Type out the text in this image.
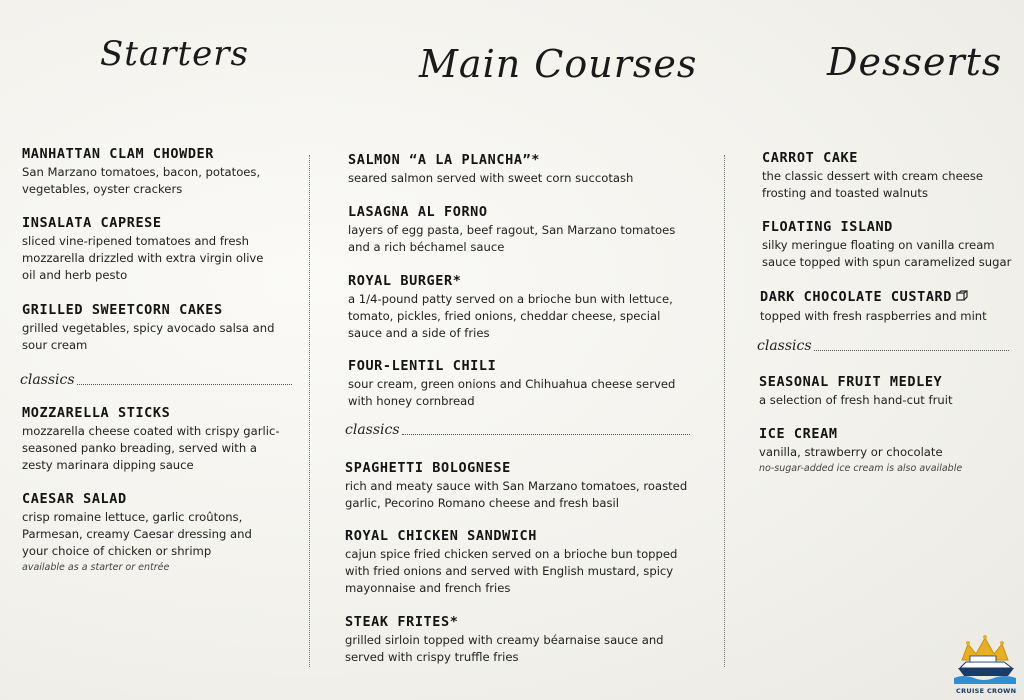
Starters
MANHATTAN CLAM CHOWDER
San Marzano tomatoes, bacon, potatoes, vegetables, oyster crackers
INSALATA CAPRESE
sliced vine-ripened tomatoes and fresh mozzarella drizzled with extra virgin olive oil and herb pesto
GRILLED SWEETCORN CAKES
grilled vegetables, spicy avocado salsa and sour cream
classics
MOZZARELLA STICKS
mozzarella cheese coated with crispy garlic-seasoned panko breading, served with a zesty marinara dipping sauce
CAESAR SALAD
crisp romaine lettuce, garlic croûtons, Parmesan, creamy Caesar dressing and your choice of chicken or shrimp
available as a starter or entrée
Main Courses
SALMON “A LA PLANCHA”*
seared salmon served with sweet corn succotash
LASAGNA AL FORNO
layers of egg pasta, beef ragout, San Marzano tomatoes and a rich béchamel sauce
ROYAL BURGER*
a 1/4-pound patty served on a brioche bun with lettuce, tomato, pickles, fried onions, cheddar cheese, special sauce and a side of fries
FOUR-LENTIL CHILI
sour cream, green onions and Chihuahua cheese served with honey cornbread
classics
SPAGHETTI BOLOGNESE
rich and meaty sauce with San Marzano tomatoes, roasted garlic, Pecorino Romano cheese and fresh basil
ROYAL CHICKEN SANDWICH
cajun spice fried chicken served on a brioche bun topped with fried onions and served with English mustard, spicy mayonnaise and french fries
STEAK FRITES*
grilled sirloin topped with creamy béarnaise sauce and served with crispy truffle fries
Desserts
CARROT CAKE
the classic dessert with cream cheese frosting and toasted walnuts
FLOATING ISLAND
silky meringue floating on vanilla cream sauce topped with spun caramelized sugar
DARK CHOCOLATE CUSTARD
topped with fresh raspberries and mint
classics
SEASONAL FRUIT MEDLEY
a selection of fresh hand-cut fruit
ICE CREAM
vanilla, strawberry or chocolate
no-sugar-added ice cream is also available
CRUISE CROWN
